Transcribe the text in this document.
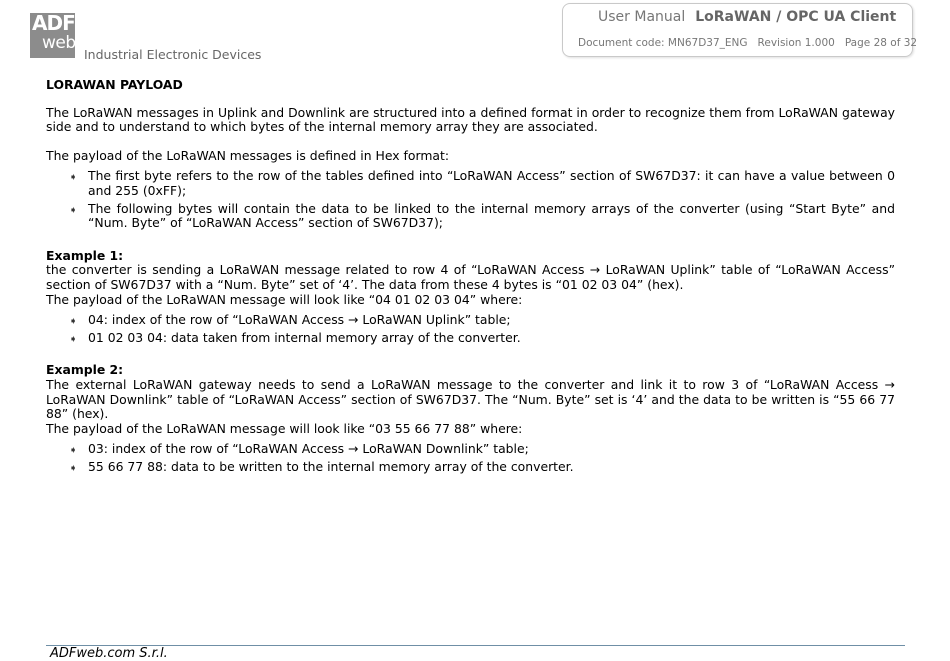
ADF
web
Industrial Electronic Devices
User Manual LoRaWAN / OPC UA Client
Document code: MN67D37_ENG Revision 1.000 Page 28 of 32
LORAWAN PAYLOAD

The LoRaWAN messages in Uplink and Downlink are structured into a defined format in order to recognize them from LoRaWAN gateway side and to understand to which bytes of the internal memory array they are associated.

The payload of the LoRaWAN messages is defined in Hex format:

➧ The first byte refers to the row of the tables defined into “LoRaWAN Access” section of SW67D37: it can have a value between 0 and 255 (0xFF);
➧ The following bytes will contain the data to be linked to the internal memory arrays of the converter (using “Start Byte” and “Num. Byte” of “LoRaWAN Access” section of SW67D37);
Example 1:

the converter is sending a LoRaWAN message related to row 4 of “LoRaWAN Access → LoRaWAN Uplink” table of “LoRaWAN Access” section of SW67D37 with a “Num. Byte” set of ‘4’. The data from these 4 bytes is “01 02 03 04” (hex).

The payload of the LoRaWAN message will look like “04 01 02 03 04” where:

➧ 04: index of the row of “LoRaWAN Access → LoRaWAN Uplink” table;
➧ 01 02 03 04: data taken from internal memory array of the converter.
Example 2:

The external LoRaWAN gateway needs to send a LoRaWAN message to the converter and link it to row 3 of “LoRaWAN Access → LoRaWAN Downlink” table of “LoRaWAN Access” section of SW67D37. The “Num. Byte” set is ‘4’ and the data to be written is “55 66 77 88” (hex).

The payload of the LoRaWAN message will look like “03 55 66 77 88” where:

➧ 03: index of the row of “LoRaWAN Access → LoRaWAN Downlink” table;
➧ 55 66 77 88: data to be written to the internal memory array of the converter.
ADFweb.com S.r.l.
